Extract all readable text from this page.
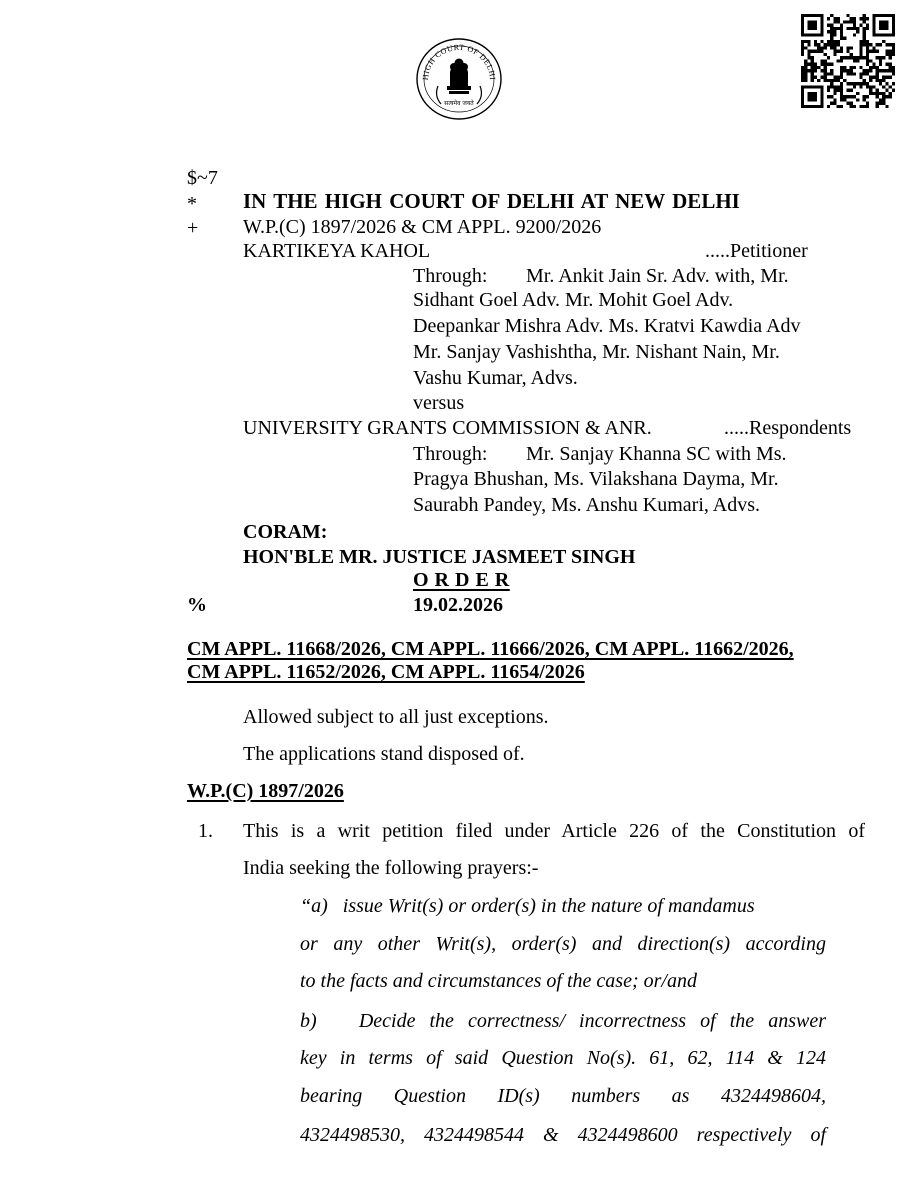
HIGH COURT OF DELHI
सत्यमेव जयते
$~7
* IN THE HIGH COURT OF DELHI AT NEW DELHI
+ W.P.(C) 1897/2026 & CM APPL. 9200/2026
KARTIKEYA KAHOL	.....Petitioner
Through: Mr. Ankit Jain Sr. Adv. with, Mr.
Sidhant Goel Adv. Mr. Mohit Goel Adv.
Deepankar Mishra Adv. Ms. Kratvi Kawdia Adv
Mr. Sanjay Vashishtha, Mr. Nishant Nain, Mr.
Vashu Kumar, Advs.
versus
UNIVERSITY GRANTS COMMISSION & ANR.	.....Respondents
Through: Mr. Sanjay Khanna SC with Ms.
Pragya Bhushan, Ms. Vilakshana Dayma, Mr.
Saurabh Pandey, Ms. Anshu Kumari, Advs.
CORAM:
HON'BLE MR. JUSTICE JASMEET SINGH
O R D E R
%	19.02.2026
CM APPL. 11668/2026, CM APPL. 11666/2026, CM APPL. 11662/2026,
CM APPL. 11652/2026, CM APPL. 11654/2026
Allowed subject to all just exceptions.
The applications stand disposed of.
W.P.(C) 1897/2026
1. This is a writ petition filed under Article 226 of the Constitution of
India seeking the following prayers:-
“a)   issue Writ(s) or order(s) in the nature of mandamus
or any other Writ(s), order(s) and direction(s) according
to the facts and circumstances of the case; or/and
b)   Decide the correctness/ incorrectness of the answer
key in terms of said Question No(s). 61, 62, 114 & 124
bearing   Question   ID(s)   numbers   as   4324498604,
4324498530, 4324498544 & 4324498600 respectively of
